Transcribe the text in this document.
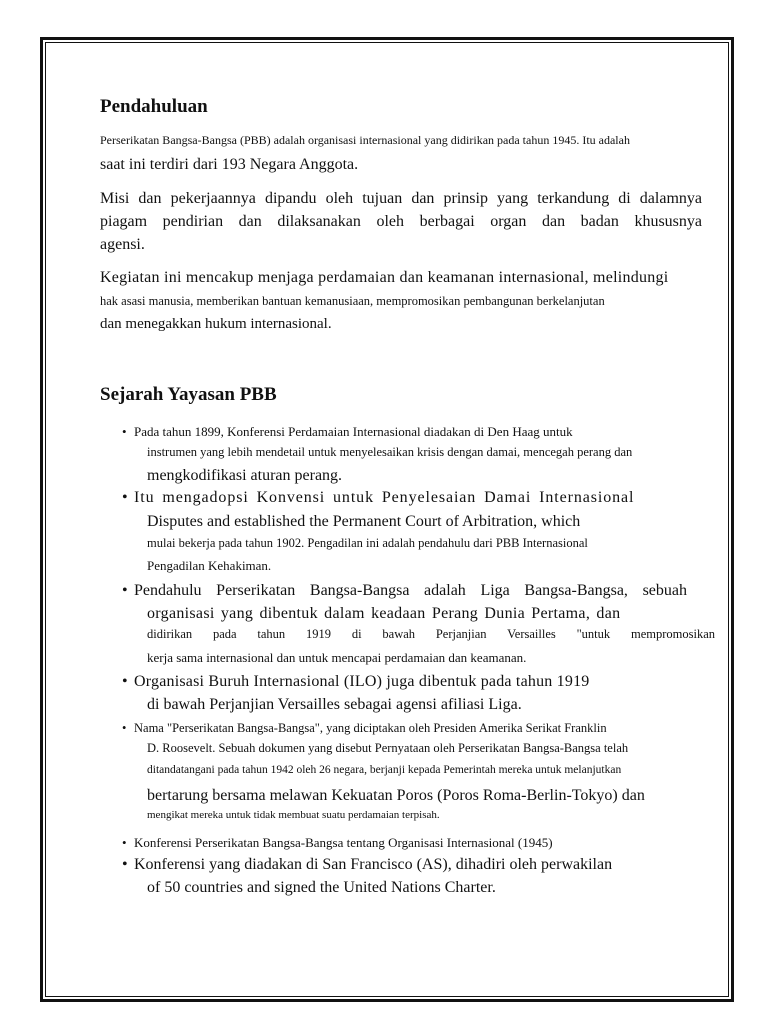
Pendahuluan
Perserikatan Bangsa-Bangsa (PBB) adalah organisasi internasional yang didirikan pada tahun 1945. Itu adalah
saat ini terdiri dari 193 Negara Anggota.
Misi dan pekerjaannya dipandu oleh tujuan dan prinsip yang terkandung di dalamnya
piagam pendirian dan dilaksanakan oleh berbagai organ dan badan khususnya
agensi.
Kegiatan ini mencakup menjaga perdamaian dan keamanan internasional, melindungi
hak asasi manusia, memberikan bantuan kemanusiaan, mempromosikan pembangunan berkelanjutan
dan menegakkan hukum internasional.
Sejarah Yayasan PBB
• Pada tahun 1899, Konferensi Perdamaian Internasional diadakan di Den Haag untuk
instrumen yang lebih mendetail untuk menyelesaikan krisis dengan damai, mencegah perang dan
mengkodifikasi aturan perang.
• Itu mengadopsi Konvensi untuk Penyelesaian Damai Internasional
Disputes and established the Permanent Court of Arbitration, which
mulai bekerja pada tahun 1902. Pengadilan ini adalah pendahulu dari PBB Internasional
Pengadilan Kehakiman.
• Pendahulu Perserikatan Bangsa-Bangsa adalah Liga Bangsa-Bangsa, sebuah
organisasi yang dibentuk dalam keadaan Perang Dunia Pertama, dan
didirikan pada tahun 1919 di bawah Perjanjian Versailles "untuk mempromosikan
kerja sama internasional dan untuk mencapai perdamaian dan keamanan.
• Organisasi Buruh Internasional (ILO) juga dibentuk pada tahun 1919
di bawah Perjanjian Versailles sebagai agensi afiliasi Liga.
• Nama "Perserikatan Bangsa-Bangsa", yang diciptakan oleh Presiden Amerika Serikat Franklin
D. Roosevelt. Sebuah dokumen yang disebut Pernyataan oleh Perserikatan Bangsa-Bangsa telah
ditandatangani pada tahun 1942 oleh 26 negara, berjanji kepada Pemerintah mereka untuk melanjutkan
bertarung bersama melawan Kekuatan Poros (Poros Roma-Berlin-Tokyo) dan
mengikat mereka untuk tidak membuat suatu perdamaian terpisah.
• Konferensi Perserikatan Bangsa-Bangsa tentang Organisasi Internasional (1945)
• Konferensi yang diadakan di San Francisco (AS), dihadiri oleh perwakilan
of 50 countries and signed the United Nations Charter.
